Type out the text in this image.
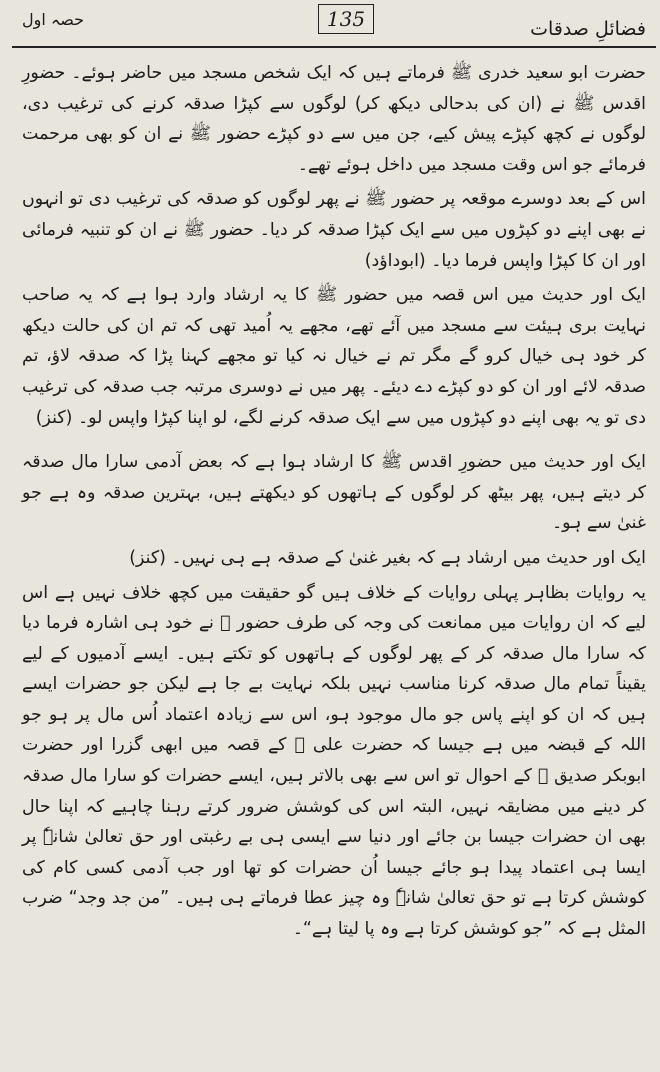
حصہ اول	135	فضائلِ صدقات

حضرت ابو سعید خدری ﷺ فرماتے ہیں کہ ایک شخص مسجد میں حاضر ہوئے۔ حضورِ اقدس ﷺ نے (ان کی بدحالی دیکھ کر) لوگوں سے کپڑا صدقہ کرنے کی ترغیب دی، لوگوں نے کچھ کپڑے پیش کیے، جن میں سے دو کپڑے حضور ﷺ نے ان کو بھی مرحمت فرمائے جو اس وقت مسجد میں داخل ہوئے تھے۔

اس کے بعد دوسرے موقعہ پر حضور ﷺ نے پھر لوگوں کو صدقہ کی ترغیب دی تو انہوں نے بھی اپنے دو کپڑوں میں سے ایک کپڑا صدقہ کر دیا۔ حضور ﷺ نے ان کو تنبیہ فرمائی اور ان کا کپڑا واپس فرما دیا۔ (ابوداؤد)

ایک اور حدیث میں اس قصہ میں حضور ﷺ کا یہ ارشاد وارد ہوا ہے کہ یہ صاحب نہایت بری ہیئت سے مسجد میں آئے تھے، مجھے یہ اُمید تھی کہ تم ان کی حالت دیکھ کر خود ہی خیال کرو گے مگر تم نے خیال نہ کیا تو مجھے کہنا پڑا کہ صدقہ لاؤ، تم صدقہ لائے اور ان کو دو کپڑے دے دیئے۔ پھر میں نے دوسری مرتبہ جب صدقہ کی ترغیب دی تو یہ بھی اپنے دو کپڑوں میں سے ایک صدقہ کرنے لگے، لو اپنا کپڑا واپس لو۔ (کنز)

ایک اور حدیث میں حضورِ اقدس ﷺ کا ارشاد ہوا ہے کہ بعض آدمی سارا مال صدقہ کر دیتے ہیں، پھر بیٹھ کر لوگوں کے ہاتھوں کو دیکھتے ہیں، بہترین صدقہ وہ ہے جو غنیٰ سے ہو۔

ایک اور حدیث میں ارشاد ہے کہ بغیر غنیٰ کے صدقہ ہے ہی نہیں۔ (کنز)

یہ روایات بظاہر پہلی روایات کے خلاف ہیں گو حقیقت میں کچھ خلاف نہیں ہے اس لیے کہ ان روایات میں ممانعت کی وجہ کی طرف حضور ﷺ نے خود ہی اشارہ فرما دیا کہ سارا مال صدقہ کر کے پھر لوگوں کے ہاتھوں کو تکتے ہیں۔ ایسے آدمیوں کے لیے یقیناً تمام مال صدقہ کرنا مناسب نہیں بلکہ نہایت بے جا ہے لیکن جو حضرات ایسے ہیں کہ ان کو اپنے پاس جو مال موجود ہو، اس سے زیادہ اعتماد اُس مال پر ہو جو اللہ کے قبضہ میں ہے جیسا کہ حضرت علی ﷺ کے قصہ میں ابھی گزرا اور حضرت ابوبکر صدیق ﷺ کے احوال تو اس سے بھی بالاتر ہیں، ایسے حضرات کو سارا مال صدقہ کر دینے میں مضایقہ نہیں، البتہ اس کی کوشش ضرور کرتے رہنا چاہیے کہ اپنا حال بھی ان حضرات جیسا بن جائے اور دنیا سے ایسی ہی بے رغبتی اور حق تعالیٰ شانہٗ پر ایسا ہی اعتماد پیدا ہو جائے جیسا اُن حضرات کو تھا اور جب آدمی کسی کام کی کوشش کرتا ہے تو حق تعالیٰ شانہٗ وہ چیز عطا فرماتے ہی ہیں۔ ”من جد وجد“ ضرب المثل ہے کہ ”جو کوشش کرتا ہے وہ پا لیتا ہے“۔
